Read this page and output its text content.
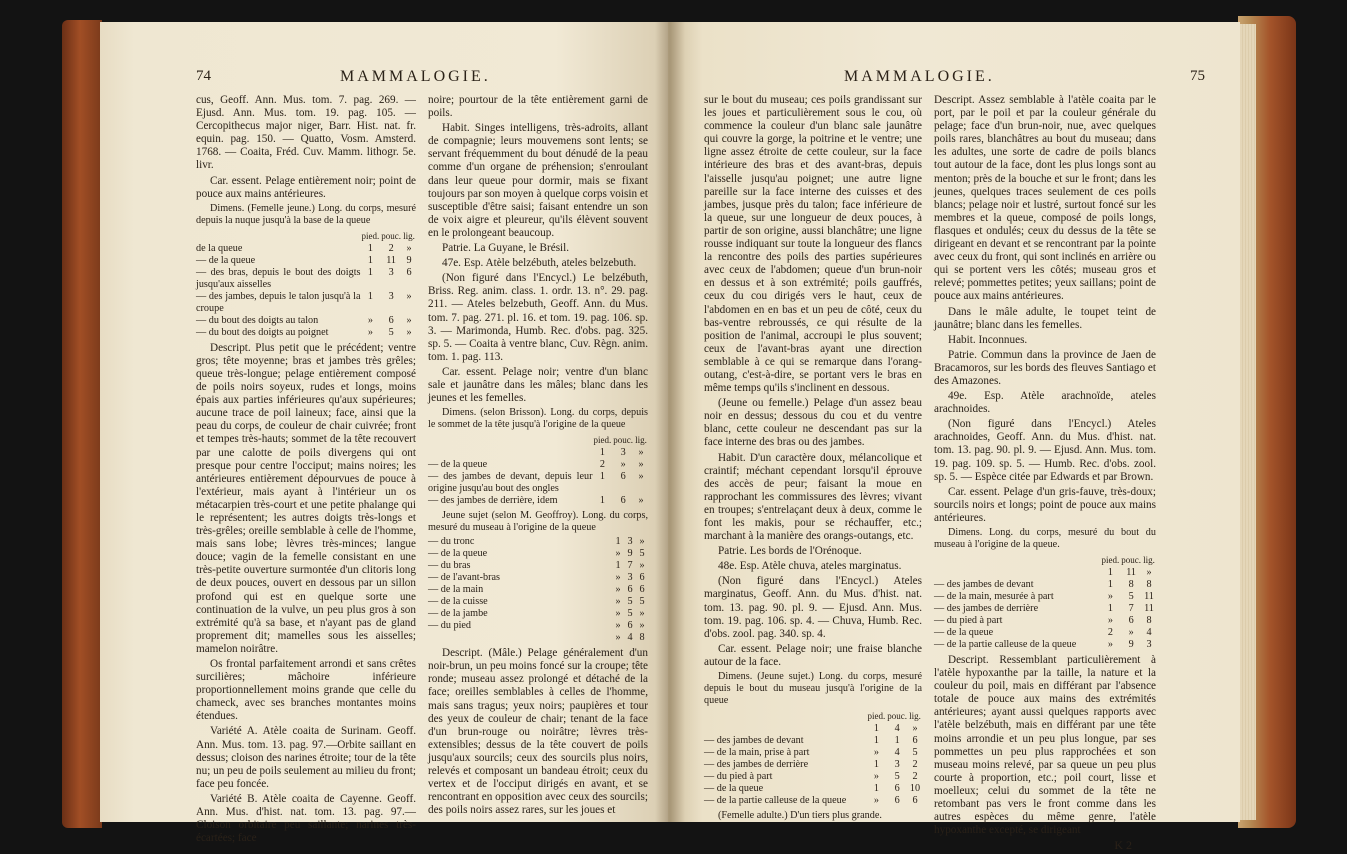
74	MAMMALOGIE.

cus, Geoff. Ann. Mus. tom. 7. pag. 269. — Ejusd. Ann. Mus. tom. 19. pag. 105. — Cercopithecus major niger, Barr. Hist. nat. fr. equin. pag. 150. — Quatto, Vosm. Amsterd. 1768. — Coaita, Fréd. Cuv. Mamm. lithogr. 5e. livr.

Car. essent. Pelage entièrement noir; point de pouce aux mains antérieures.

Dimens. (Femelle jeune.) Long. du corps, mesuré depuis la nuque jusqu'à la base de la queue

	pied.	pouc.	lig.
de la queue	1	2	»
— de la queue	1	11	9
— des bras, depuis le bout des doigts jusqu'aux aisselles	1	3	6
— des jambes, depuis le talon jusqu'à la croupe	1	3	»
— du bout des doigts au talon	»	6	»
— du bout des doigts au poignet	»	5	»

Descript. Plus petit que le précédent; ventre gros; tête moyenne; bras et jambes très grêles; queue très-longue; pelage entièrement composé de poils noirs soyeux, rudes et longs, moins épais aux parties inférieures qu'aux supérieures; aucune trace de poil laineux; face, ainsi que la peau du corps, de couleur de chair cuivrée; front et tempes très-hauts; sommet de la tête recouvert par une calotte de poils divergens qui ont presque pour centre l'occiput; mains noires; les antérieures entièrement dépourvues de pouce à l'extérieur, mais ayant à l'intérieur un os métacarpien très-court et une petite phalange qui le représentent; les autres doigts très-longs et très-grêles; oreille semblable à celle de l'homme, mais sans lobe; lèvres très-minces; langue douce; vagin de la femelle consistant en une très-petite ouverture surmontée d'un clitoris long de deux pouces, ouvert en dessous par un sillon profond qui est en quelque sorte une continuation de la vulve, un peu plus gros à son extrémité qu'à sa base, et n'ayant pas de gland proprement dit; mamelles sous les aisselles; mamelon noirâtre.

Os frontal parfaitement arrondi et sans crêtes surcilières; mâchoire inférieure proportionnellement moins grande que celle du chameck, avec ses branches montantes moins étendues.

Variété A. Atèle coaita de Surinam. Geoff. Ann. Mus. tom. 13. pag. 97.—Orbite saillant en dessus; cloison des narines étroite; tour de la tête nu; un peu de poils seulement au milieu du front; face peu foncée.

Variété B. Atèle coaita de Cayenne. Geoff. Ann. Mus. d'hist. nat. tom. 13. pag. 97.—Cloison orbitaire peu saillante; narines très-écartées; face

noire; pourtour de la tête entièrement garni de poils.

Habit. Singes intelligens, très-adroits, allant de compagnie; leurs mouvemens sont lents; se servant fréquemment du bout dénudé de la peau comme d'un organe de préhension; s'enroulant dans leur queue pour dormir, mais se fixant toujours par son moyen à quelque corps voisin et susceptible d'être saisi; faisant entendre un son de voix aigre et pleureur, qu'ils élèvent souvent en le prolongeant beaucoup.

Patrie. La Guyane, le Brésil.

47e. Esp. Atèle belzébuth, ateles belzebuth.

(Non figuré dans l'Encycl.) Le belzébuth, Briss. Reg. anim. class. 1. ordr. 13. n°. 29. pag. 211. — Ateles belzebuth, Geoff. Ann. du Mus. tom. 7. pag. 271. pl. 16. et tom. 19. pag. 106. sp. 3. — Marimonda, Humb. Rec. d'obs. pag. 325. sp. 5. — Coaita à ventre blanc, Cuv. Règn. anim. tom. 1. pag. 113.

Car. essent. Pelage noir; ventre d'un blanc sale et jaunâtre dans les mâles; blanc dans les jeunes et les femelles.

Dimens. (selon Brisson). Long. du corps, depuis le sommet de la tête jusqu'à l'origine de la queue

	pied.	pouc.	lig.
	1	3	»
— de la queue	2	»	»
— des jambes de devant, depuis leur origine jusqu'au bout des ongles	1	6	»
— des jambes de derrière, idem	1	6	»

Jeune sujet (selon M. Geoffroy). Long. du corps, mesuré du museau à l'origine de la queue

— du tronc	1	3	»
— de la queue	»	9	5
— du bras	1	7	»
— de l'avant-bras	»	3	6
— de la main	»	6	6
— de la cuisse	»	5	5
— de la jambe	»	5	»
— du pied	»	6	»
	»	4	8

Descript. (Mâle.) Pelage généralement d'un noir-brun, un peu moins foncé sur la croupe; tête ronde; museau assez prolongé et détaché de la face; oreilles semblables à celles de l'homme, mais sans tragus; yeux noirs; paupières et tour des yeux de couleur de chair; tenant de la face d'un brun-rouge ou noirâtre; lèvres très-extensibles; dessus de la tête couvert de poils jusqu'aux sourcils; ceux des sourcils plus noirs, relevés et composant un bandeau étroit; ceux du vertex et de l'occiput dirigés en avant, et se rencontrant en opposition avec ceux des sourcils; des poils noirs assez rares, sur les joues et

MAMMALOGIE.	75

sur le bout du museau; ces poils grandissant sur les joues et particulièrement sous le cou, où commence la couleur d'un blanc sale jaunâtre qui couvre la gorge, la poitrine et le ventre; une ligne assez étroite de cette couleur, sur la face intérieure des bras et des avant-bras, depuis l'aisselle jusqu'au poignet; une autre ligne pareille sur la face interne des cuisses et des jambes, jusque près du talon; face inférieure de la queue, sur une longueur de deux pouces, à partir de son origine, aussi blanchâtre; une ligne rousse indiquant sur toute la longueur des flancs la rencontre des poils des parties supérieures avec ceux de l'abdomen; queue d'un brun-noir en dessus et à son extrémité; poils gauffrés, ceux du cou dirigés vers le haut, ceux de l'abdomen en en bas et un peu de côté, ceux du bas-ventre rebroussés, ce qui résulte de la position de l'animal, accroupi le plus souvent; ceux de l'avant-bras ayant une direction semblable à ce qui se remarque dans l'orang-outang, c'est-à-dire, se portant vers le bras en même temps qu'ils s'inclinent en dessous.

(Jeune ou femelle.) Pelage d'un assez beau noir en dessus; dessous du cou et du ventre blanc, cette couleur ne descendant pas sur la face interne des bras ou des jambes.

Habit. D'un caractère doux, mélancolique et craintif; méchant cependant lorsqu'il éprouve des accès de peur; faisant la moue en rapprochant les commissures des lèvres; vivant en troupes; s'entrelaçant deux à deux, comme le font les makis, pour se réchauffer, etc.; marchant à la manière des orangs-outangs, etc.

Patrie. Les bords de l'Orénoque.

48e. Esp. Atèle chuva, ateles marginatus.

(Non figuré dans l'Encycl.) Ateles marginatus, Geoff. Ann. du Mus. d'hist. nat. tom. 13. pag. 90. pl. 9. — Ejusd. Ann. Mus. tom. 19. pag. 106. sp. 4. — Chuva, Humb. Rec. d'obs. zool. pag. 340. sp. 4.

Car. essent. Pelage noir; une fraise blanche autour de la face.

Dimens. (Jeune sujet.) Long. du corps, mesuré depuis le bout du museau jusqu'à l'origine de la queue

	pied.	pouc.	lig.
	1	4	»
— des jambes de devant	1	1	6
— de la main, prise à part	»	4	5
— des jambes de derrière	1	3	2
— du pied à part	»	5	2
— de la queue	1	6	10
— de la partie calleuse de la queue	»	6	6

(Femelle adulte.) D'un tiers plus grande.

Descript. Assez semblable à l'atèle coaita par le port, par le poil et par la couleur générale du pelage; face d'un brun-noir, nue, avec quelques poils rares, blanchâtres au bout du museau; dans les adultes, une sorte de cadre de poils blancs tout autour de la face, dont les plus longs sont au menton; près de la bouche et sur le front; dans les jeunes, quelques traces seulement de ces poils blancs; pelage noir et lustré, surtout foncé sur les membres et la queue, composé de poils longs, flasques et ondulés; ceux du dessus de la tête se dirigeant en devant et se rencontrant par la pointe avec ceux du front, qui sont inclinés en arrière ou qui se portent vers les côtés; museau gros et relevé; pommettes petites; yeux saillans; point de pouce aux mains antérieures.

Dans le mâle adulte, le toupet teint de jaunâtre; blanc dans les femelles.

Habit. Inconnues.

Patrie. Commun dans la province de Jaen de Bracamoros, sur les bords des fleuves Santiago et des Amazones.

49e. Esp. Atèle arachnoïde, ateles arachnoides.

(Non figuré dans l'Encycl.) Ateles arachnoides, Geoff. Ann. du Mus. d'hist. nat. tom. 13. pag. 90. pl. 9. — Ejusd. Ann. Mus. tom. 19. pag. 109. sp. 5. — Humb. Rec. d'obs. zool. sp. 5. — Espèce citée par Edwards et par Brown.

Car. essent. Pelage d'un gris-fauve, très-doux; sourcils noirs et longs; point de pouce aux mains antérieures.

Dimens. Long. du corps, mesuré du bout du museau à l'origine de la queue.

	pied.	pouc.	lig.
	1	11	»
— des jambes de devant	1	8	8
— de la main, mesurée à part	»	5	11
— des jambes de derrière	1	7	11
— du pied à part	»	6	8
— de la queue	2	»	4
— de la partie calleuse de la queue	»	9	3

Descript. Ressemblant particulièrement à l'atèle hypoxanthe par la taille, la nature et la couleur du poil, mais en différant par l'absence totale de pouce aux mains des extrémités antérieures; ayant aussi quelques rapports avec l'atèle belzébuth, mais en différant par une tête moins arrondie et un peu plus longue, par ses pommettes un peu plus rapprochées et son museau moins relevé, par sa queue un peu plus courte à proportion, etc.; poil court, lisse et moelleux; celui du sommet de la tête ne retombant pas vers le front comme dans les autres espèces du même genre, l'atèle hypoxanthe excepté, se dirigeant

K 2
